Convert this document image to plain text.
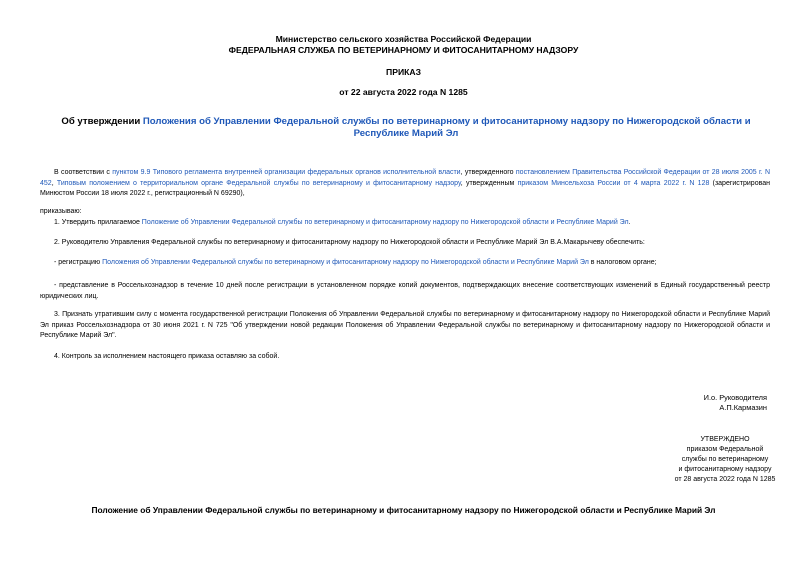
Министерство сельского хозяйства Российской Федерации
ФЕДЕРАЛЬНАЯ СЛУЖБА ПО ВЕТЕРИНАРНОМУ И ФИТОСАНИТАРНОМУ НАДЗОРУ
ПРИКАЗ
от 22 августа 2022 года N 1285
Об утверждении Положения об Управлении Федеральной службы по ветеринарному и фитосанитарному надзору по Нижегородской области и Республике Марий Эл
В соответствии с пунктом 9.9 Типового регламента внутренней организации федеральных органов исполнительной власти, утвержденного постановлением Правительства Российской Федерации от 28 июля 2005 г. N 452, Типовым положением о территориальном органе Федеральной службы по ветеринарному и фитосанитарному надзору, утвержденным приказом Минсельхоза России от 4 марта 2022 г. N 128 (зарегистрирован Минюстом России 18 июля 2022 г., регистрационный N 69290),
приказываю:
1. Утвердить прилагаемое Положение об Управлении Федеральной службы по ветеринарному и фитосанитарному надзору по Нижегородской области и Республике Марий Эл.
2. Руководителю Управления Федеральной службы по ветеринарному и фитосанитарному надзору по Нижегородской области и Республике Марий Эл В.А.Макарычеву обеспечить:
- регистрацию Положения об Управлении Федеральной службы по ветеринарному и фитосанитарному надзору по Нижегородской области и Республике Марий Эл в налоговом органе;
- представление в Россельхознадзор в течение 10 дней после регистрации в установленном порядке копий документов, подтверждающих внесение соответствующих изменений в Единый государственный реестр юридических лиц.
3. Признать утратившим силу с момента государственной регистрации Положения об Управлении Федеральной службы по ветеринарному и фитосанитарному надзору по Нижегородской области и Республике Марий Эл приказ Россельхознадзора от 30 июня 2021 г. N 725 "Об утверждении новой редакции Положения об Управлении Федеральной службы по ветеринарному и фитосанитарному надзору по Нижегородской области и Республике Марий Эл".
4. Контроль за исполнением настоящего приказа оставляю за собой.
И.о. Руководителя
А.П.Кармазин
УТВЕРЖДЕНО
приказом Федеральной
службы по ветеринарному
и фитосанитарному надзору
от 28 августа 2022 года N 1285
Положение об Управлении Федеральной службы по ветеринарному и фитосанитарному надзору по Нижегородской области и Республике Марий Эл
